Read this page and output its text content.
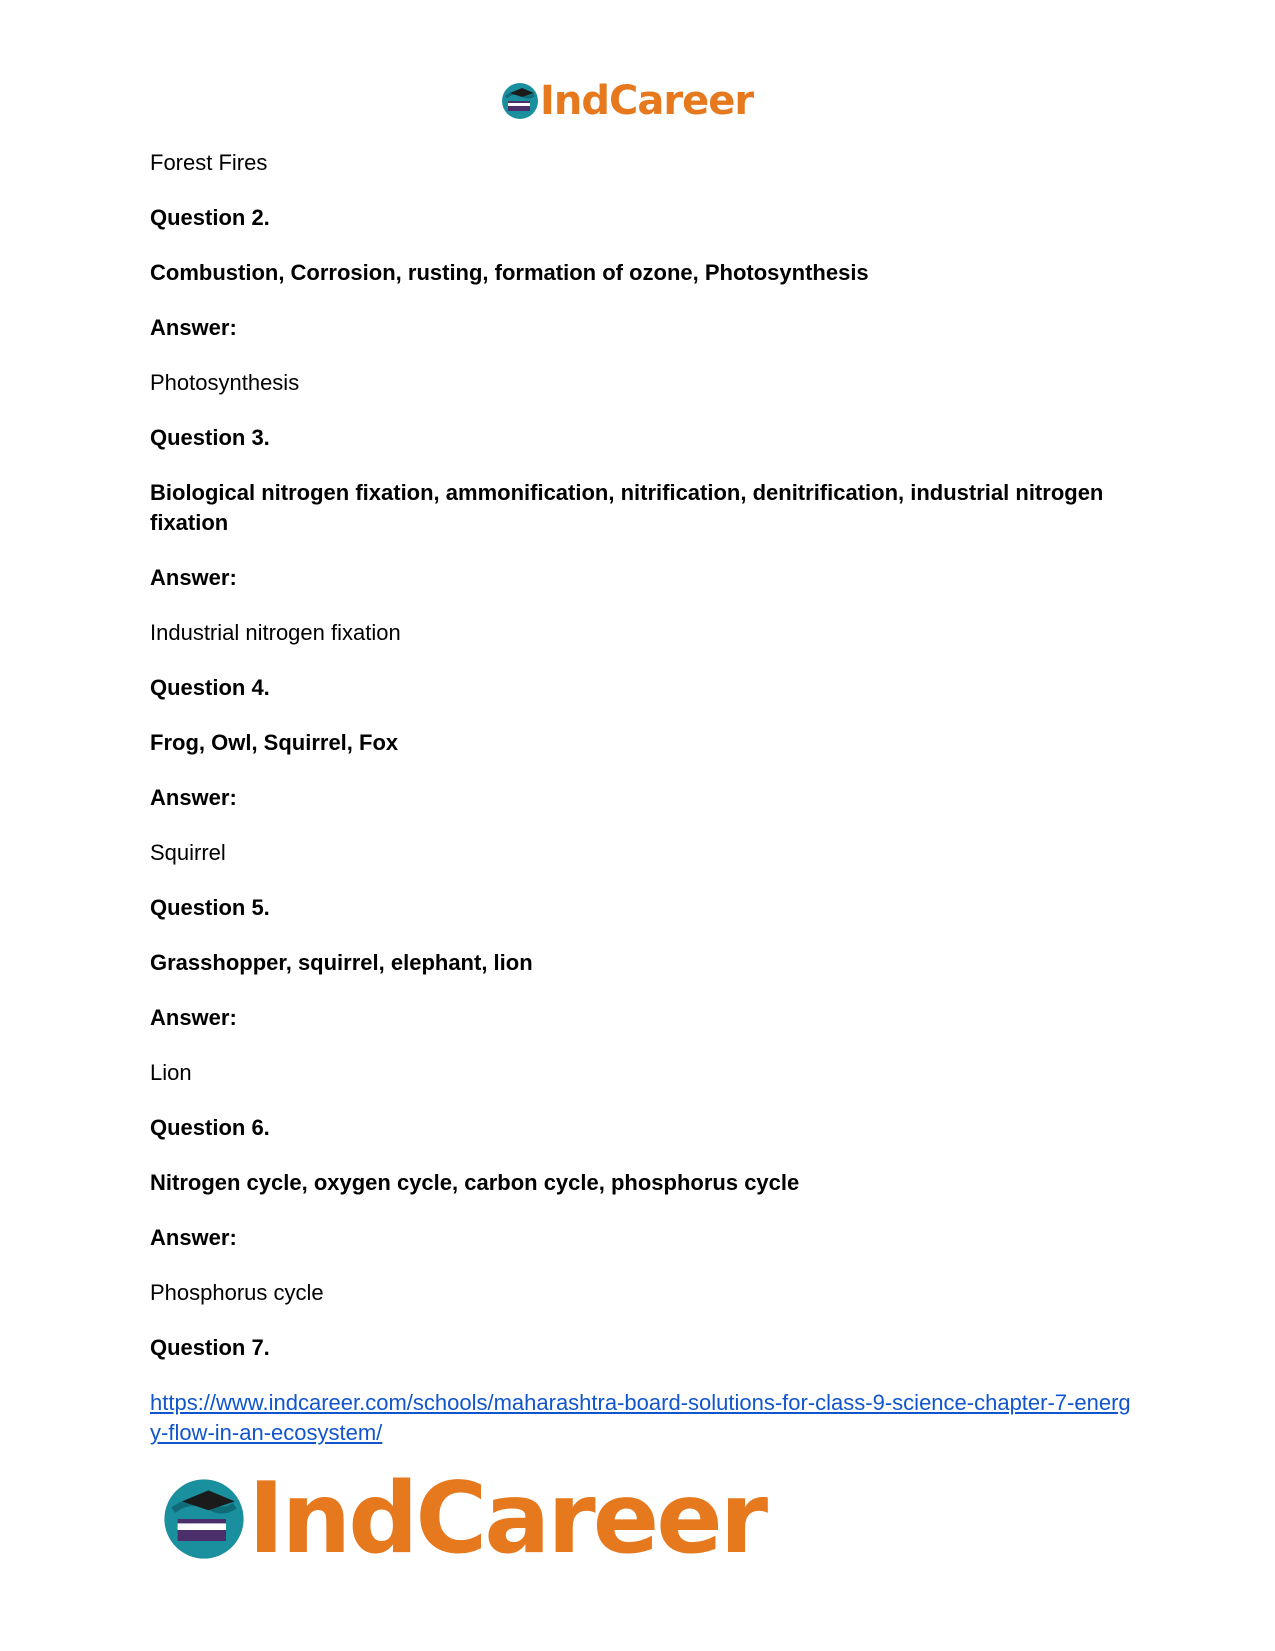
IndCareer

Forest Fires

Question 2.

Combustion, Corrosion, rusting, formation of ozone, Photosynthesis

Answer:

Photosynthesis

Question 3.

Biological nitrogen fixation, ammonification, nitrification, denitrification, industrial nitrogen fixation

Answer:

Industrial nitrogen fixation

Question 4.

Frog, Owl, Squirrel, Fox

Answer:

Squirrel

Question 5.

Grasshopper, squirrel, elephant, lion

Answer:

Lion

Question 6.

Nitrogen cycle, oxygen cycle, carbon cycle, phosphorus cycle

Answer:

Phosphorus cycle

Question 7.

https://www.indcareer.com/schools/maharashtra-board-solutions-for-class-9-science-chapter-7-energy-flow-in-an-ecosystem/
IndCareer
